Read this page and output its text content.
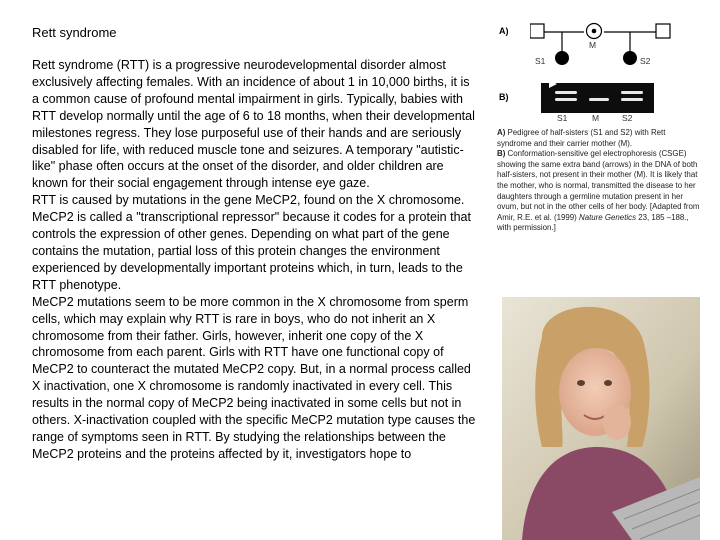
Rett syndrome

Rett syndrome (RTT) is a progressive neurodevelopmental disorder almost exclusively affecting females. With an incidence of about 1 in 10,000 births, it is a common cause of profound mental impairment in girls. Typically, babies with RTT develop normally until the age of 6 to 18 months, when their developmental milestones regress. They lose purposeful use of their hands and are seriously disabled for life, with reduced muscle tone and seizures. A temporary "autistic-like" phase often occurs at the onset of the disorder, and older children are known for their social engagement through intense eye gaze.

RTT is caused by mutations in the gene MeCP2, found on the X chromosome. MeCP2 is called a "transcriptional repressor" because it codes for a protein that controls the expression of other genes. Depending on what part of the gene contains the mutation, partial loss of this protein changes the environment experienced by developmentally important proteins which, in turn, leads to the RTT phenotype.

MeCP2 mutations seem to be more common in the X chromosome from sperm cells, which may explain why RTT is rare in boys, who do not inherit an X chromosome from their father. Girls, however, inherit one copy of the X chromosome from each parent. Girls with RTT have one functional copy of MeCP2 to counteract the mutated MeCP2 copy. But, in a normal process called X inactivation, one X chromosome is randomly inactivated in every cell. This results in the normal copy of MeCP2 being inactivated in some cells but not in others. X-inactivation coupled with the specific MeCP2 mutation type causes the range of symptoms seen in RTT. By studying the relationships between the MeCP2 proteins and the proteins affected by it, investigators hope to

A)
M
S1	S2
B)
S1	M	S2

A) Pedigree of half-sisters (S1 and S2) with Rett syndrome and their carrier mother (M).

B) Conformation-sensitive gel electrophoresis (CSGE) showing the same extra band (arrows) in the DNA of both half-sisters, not present in their mother (M). It is likely that the mother, who is normal, transmitted the disease to her daughters through a germline mutation present in her ovum, but not in the other cells of her body. [Adapted from Amir, R.E. et al. (1999) Nature Genetics 23, 185 –188., with permission.]
